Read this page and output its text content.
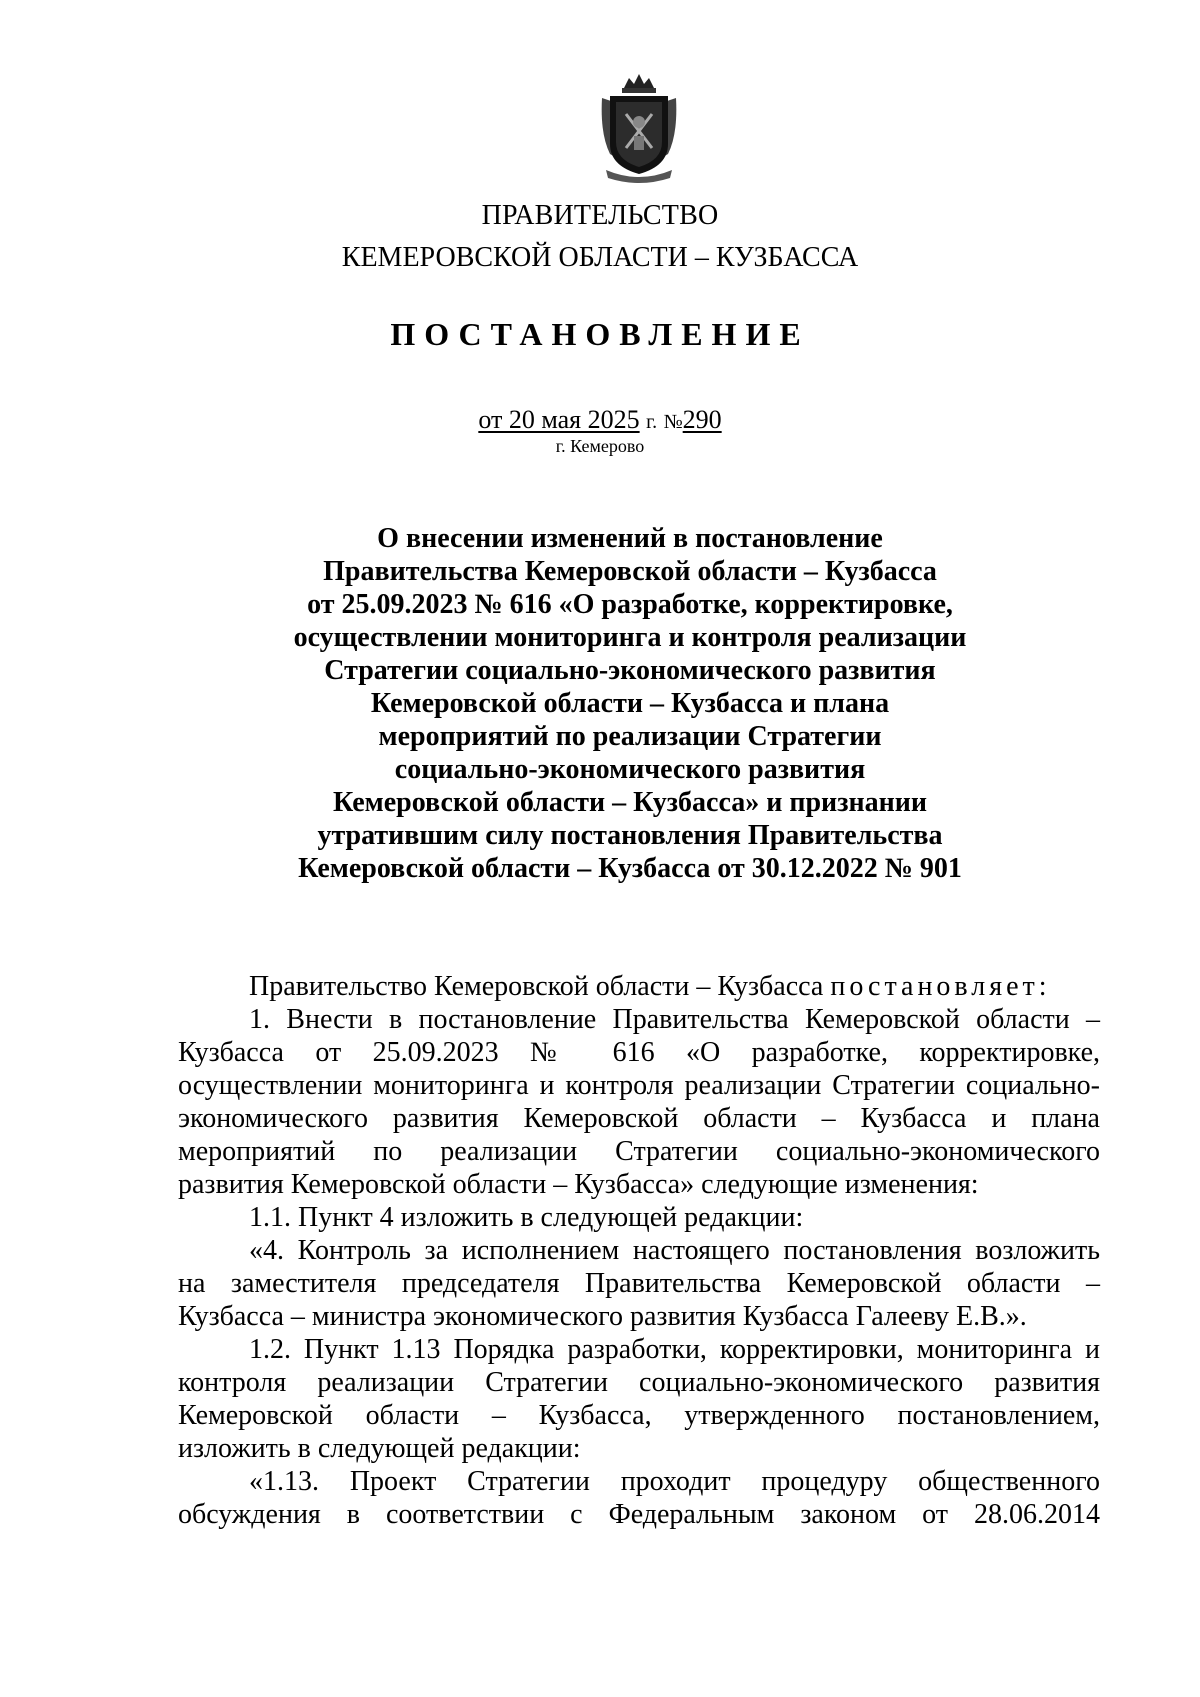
ПРАВИТЕЛЬСТВО
КЕМЕРОВСКОЙ ОБЛАСТИ – КУЗБАССА
ПОСТАНОВЛЕНИЕ
от 20 мая 2025 г. №290
г. Кемерово
О внесении изменений в постановление
Правительства Кемеровской области – Кузбасса
от 25.09.2023 № 616 «О разработке, корректировке,
осуществлении мониторинга и контроля реализации
Стратегии социально-экономического развития
Кемеровской области – Кузбасса и плана
мероприятий по реализации Стратегии
социально-экономического развития
Кемеровской области – Кузбасса» и признании
утратившим силу постановления Правительства
Кемеровской области – Кузбасса от 30.12.2022 № 901
Правительство Кемеровской области – Кузбасса постановляет:
1. Внести в постановление Правительства Кемеровской области –
Кузбасса от 25.09.2023 № 616 «О разработке, корректировке,
осуществлении мониторинга и контроля реализации Стратегии социально-
экономического развития Кемеровской области – Кузбасса и плана
мероприятий по реализации Стратегии социально-экономического
развития Кемеровской области – Кузбасса» следующие изменения:
1.1. Пункт 4 изложить в следующей редакции:
«4. Контроль за исполнением настоящего постановления возложить
на заместителя председателя Правительства Кемеровской области –
Кузбасса – министра экономического развития Кузбасса Галееву Е.В.».
1.2. Пункт 1.13 Порядка разработки, корректировки, мониторинга и
контроля реализации Стратегии социально-экономического развития
Кемеровской области – Кузбасса, утвержденного постановлением,
изложить в следующей редакции:
«1.13. Проект Стратегии проходит процедуру общественного
обсуждения в соответствии с Федеральным законом от 28.06.2014
